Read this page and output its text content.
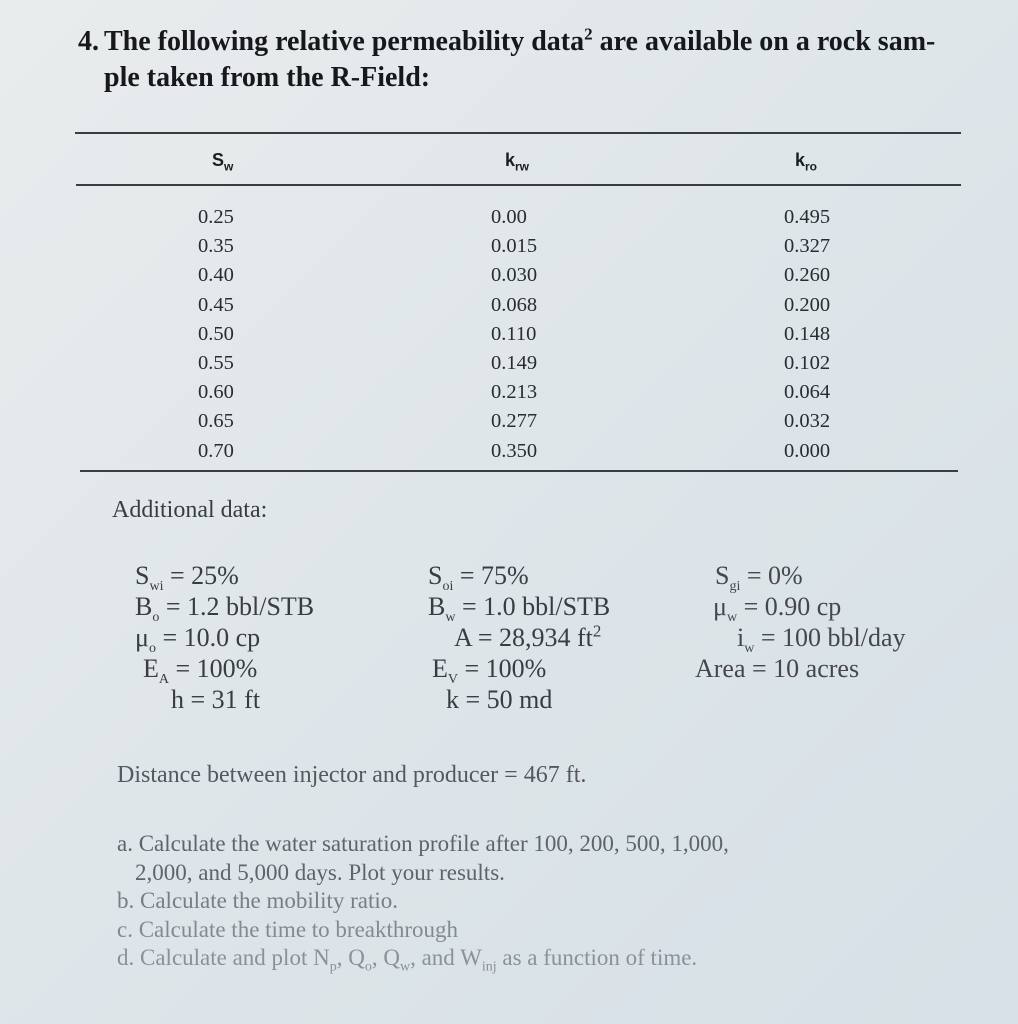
4. The following relative permeability data$^2$ are available on a rock sam-
ple taken from the R-Field:
$S_w$	$k_{rw}$	$k_{ro}$
0.25
0.35
0.40
0.45
0.50
0.55
0.60
0.65
0.70
0.00
0.015
0.030
0.068
0.110
0.149
0.213
0.277
0.350
0.495
0.327
0.260
0.200
0.148
0.102
0.064
0.032
0.000
Additional data:
$S_{wi} = 25\%$
$B_o = 1.2$ bbl/STB
$\mu_o = 10.0$ cp
$E_A = 100\%$
h = 31 ft
$S_{oi} = 75\%$
$B_w = 1.0$ bbl/STB
A = 28,934 $ft^2$
$E_V = 100\%$
k = 50 md
$S_{gi} = 0\%$
$\mu_w = 0.90$ cp
$i_w = 100$ bbl/day
Area = 10 acres
Distance between injector and producer = 467 ft.
a. Calculate the water saturation profile after 100, 200, 500, 1,000,
2,000, and 5,000 days. Plot your results.
b. Calculate the mobility ratio.
c. Calculate the time to breakthrough
d. Calculate and plot $N_p$, $Q_o$, $Q_w$, and $W_{inj}$ as a function of time.
